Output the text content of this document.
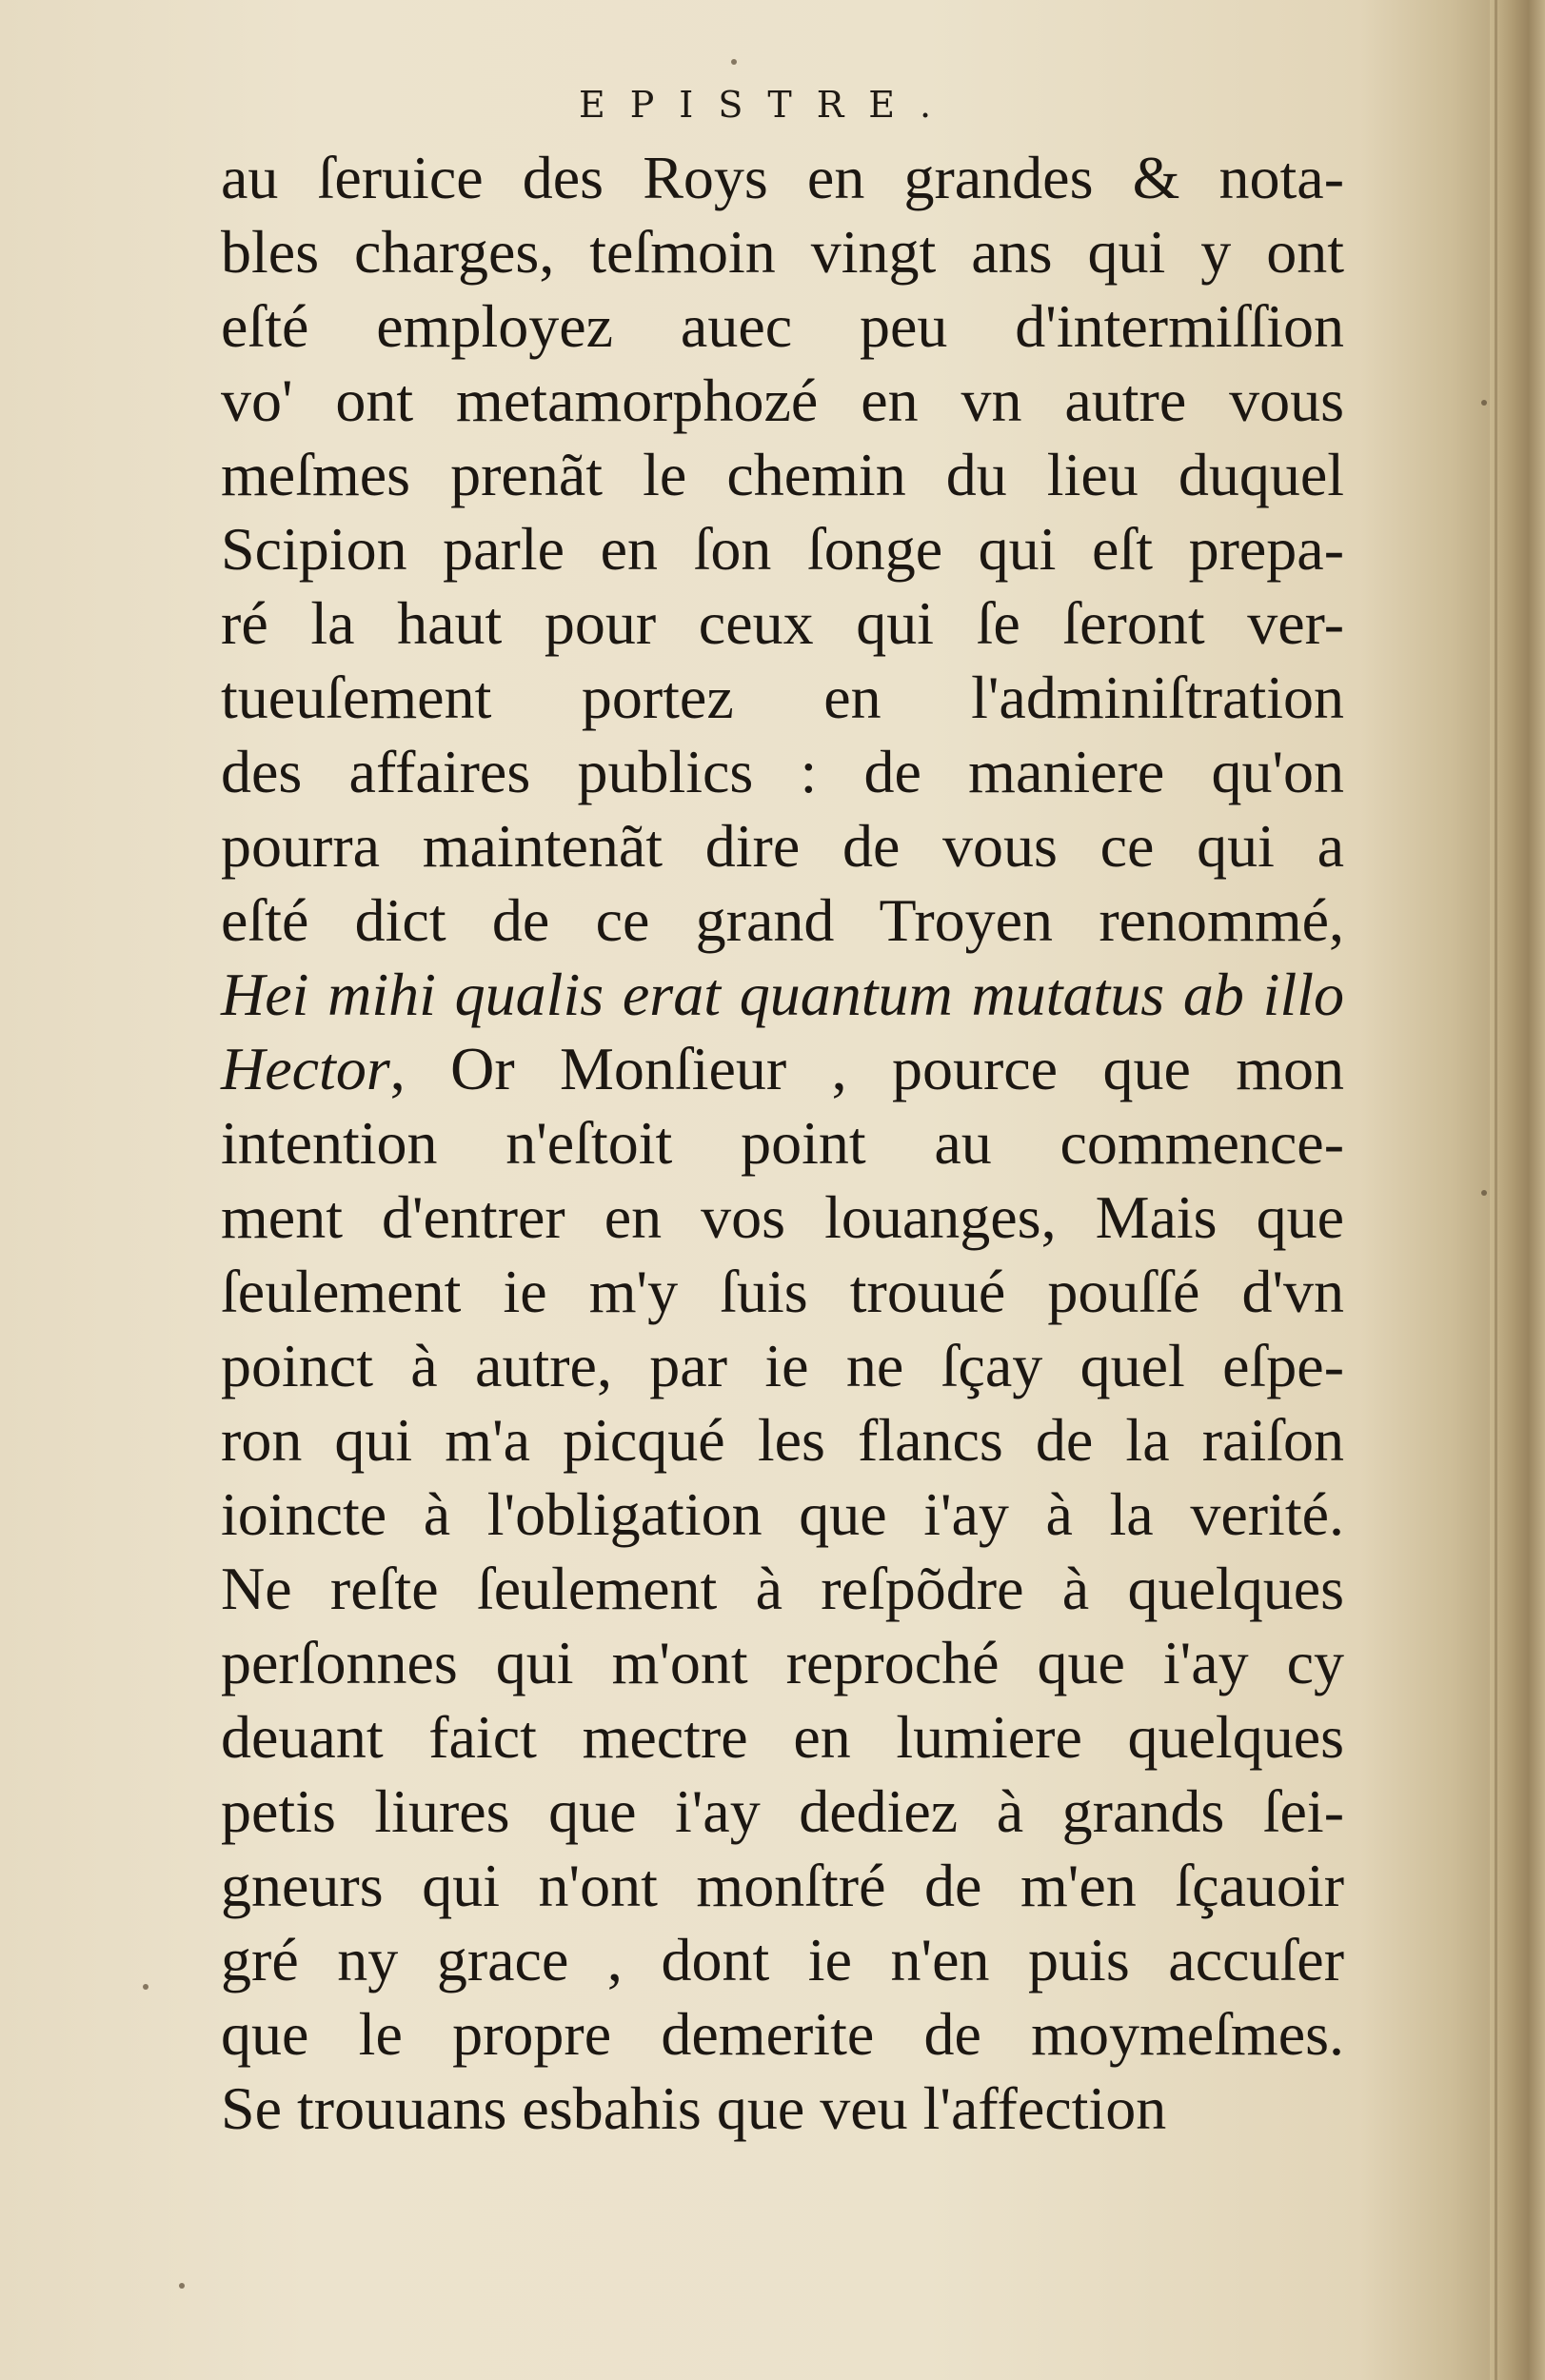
EPISTRE.
au ſeruice des Roys en grandes & nota-
bles charges, teſmoin vingt ans qui y ont
eſté employez auec peu d'intermiſſion
vo' ont metamorphozé en vn autre vous
meſmes prenãt le chemin du lieu duquel
Scipion parle en ſon ſonge qui eſt prepa-
ré la haut pour ceux qui ſe ſeront ver-
tueuſement portez en l'adminiſtration
des affaires publics : de maniere qu'on
pourra maintenãt dire de vous ce qui a
eſté dict de ce grand Troyen renommé,
Hei mihi qualis erat quantum mutatus ab illo
Hector, Or Monſieur , pource que mon
intention n'eſtoit point au commence-
ment d'entrer en vos louanges, Mais que
ſeulement ie m'y ſuis trouué pouſſé d'vn
poinct à autre, par ie ne ſçay quel eſpe-
ron qui m'a picqué les flancs de la raiſon
ioincte à l'obligation que i'ay à la verité.
Ne reſte ſeulement à reſpõdre à quelques
perſonnes qui m'ont reproché que i'ay cy
deuant faict mectre en lumiere quelques
petis liures que i'ay dediez à grands ſei-
gneurs qui n'ont monſtré de m'en ſçauoir
gré ny grace , dont ie n'en puis accuſer
que le propre demerite de moymeſmes.
Se trouuans esbahis que veu l'affection
